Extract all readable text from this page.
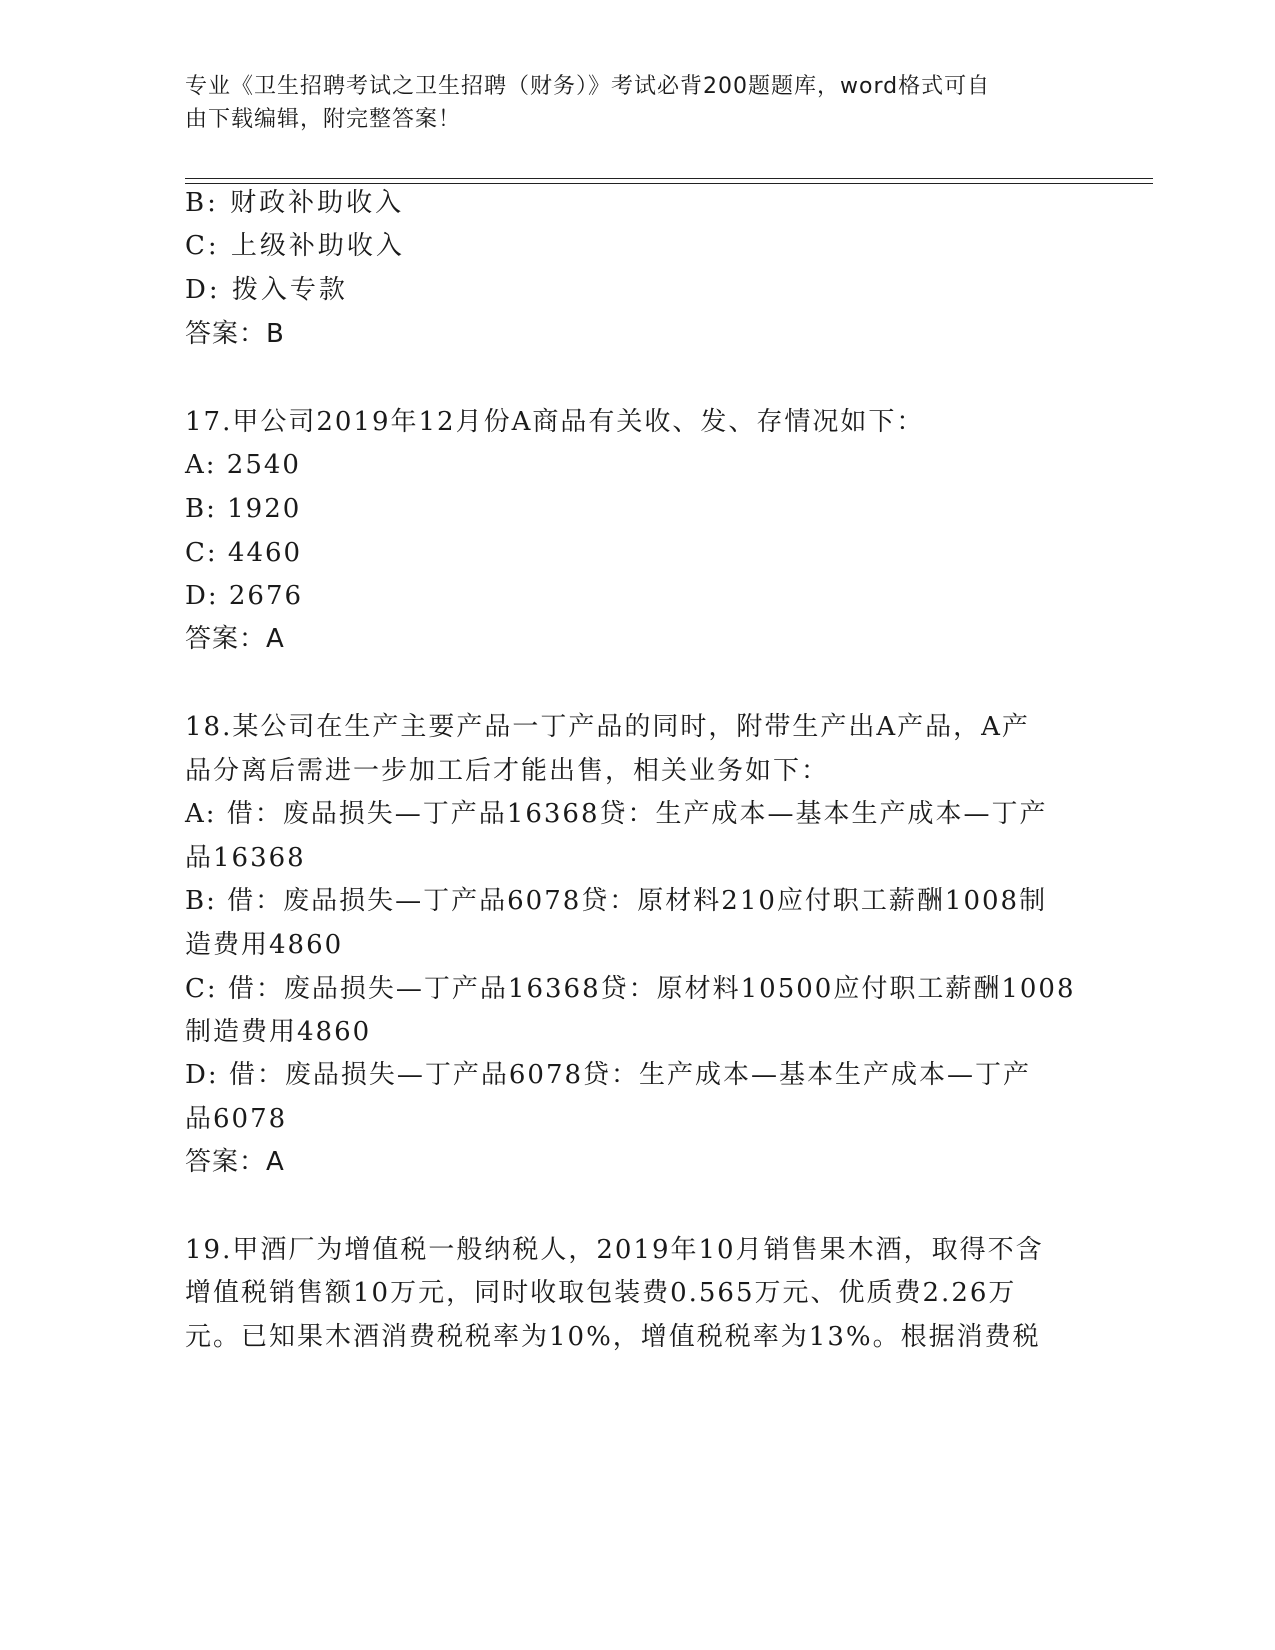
专业《卫生招聘考试之卫生招聘（财务）》考试必背200题题库，word格式可自
由下载编辑，附完整答案！
B: 财政补助收入
C: 上级补助收入
D: 拨入专款
答案：B
17.甲公司2019年12月份A商品有关收、发、存情况如下：
A: 2540
B: 1920
C: 4460
D: 2676
答案：A
18.某公司在生产主要产品一丁产品的同时，附带生产出A产品，A产
品分离后需进一步加工后才能出售，相关业务如下：
A: 借：废品损失—丁产品16368贷：生产成本—基本生产成本—丁产
品16368
B: 借：废品损失—丁产品6078贷：原材料210应付职工薪酬1008制
造费用4860
C: 借：废品损失—丁产品16368贷：原材料10500应付职工薪酬1008
制造费用4860
D: 借：废品损失—丁产品6078贷：生产成本—基本生产成本—丁产
品6078
答案：A
19.甲酒厂为增值税一般纳税人，2019年10月销售果木酒，取得不含
增值税销售额10万元，同时收取包装费0.565万元、优质费2.26万
元。已知果木酒消费税税率为10%，增值税税率为13%。根据消费税
